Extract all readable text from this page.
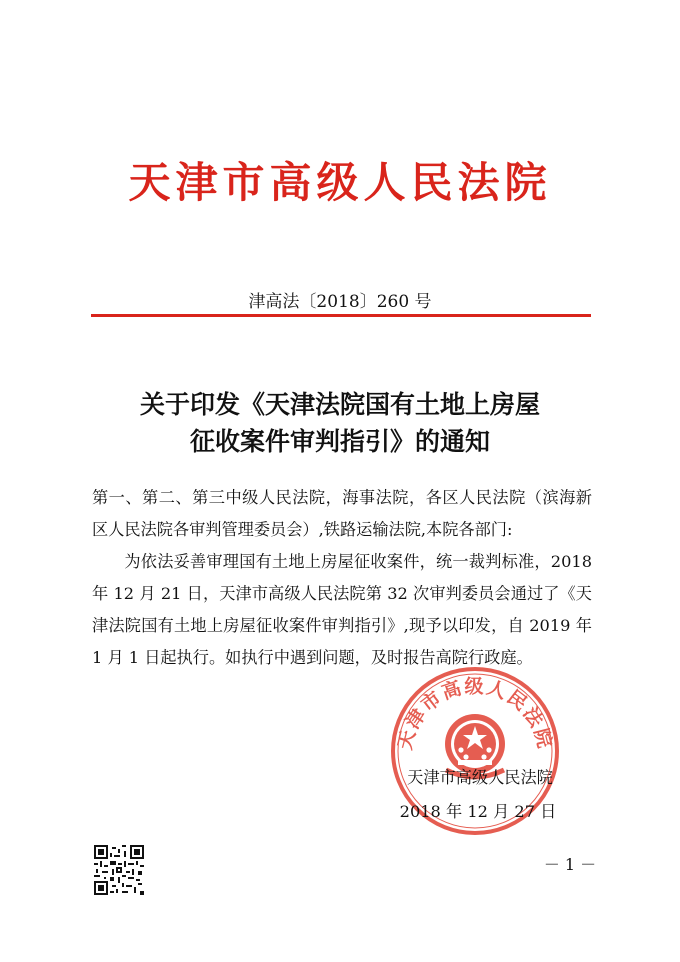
天津市高级人民法院
津高法〔2018〕260 号
关于印发《天津法院国有土地上房屋
征收案件审判指引》的通知

第一、第二、第三中级人民法院，海事法院，各区人民法院（滨海新区人民法院各审判管理委员会）,铁路运输法院,本院各部门:

为依法妥善审理国有土地上房屋征收案件，统一裁判标准，2018 年 12 月 21 日，天津市高级人民法院第 32 次审判委员会通过了《天津法院国有土地上房屋征收案件审判指引》,现予以印发，自 2019 年 1 月 1 日起执行。如执行中遇到问题，及时报告高院行政庭。

天津市高级人民法院
天津市高级人民法院
2018 年 12 月 27 日
－ 1 －
